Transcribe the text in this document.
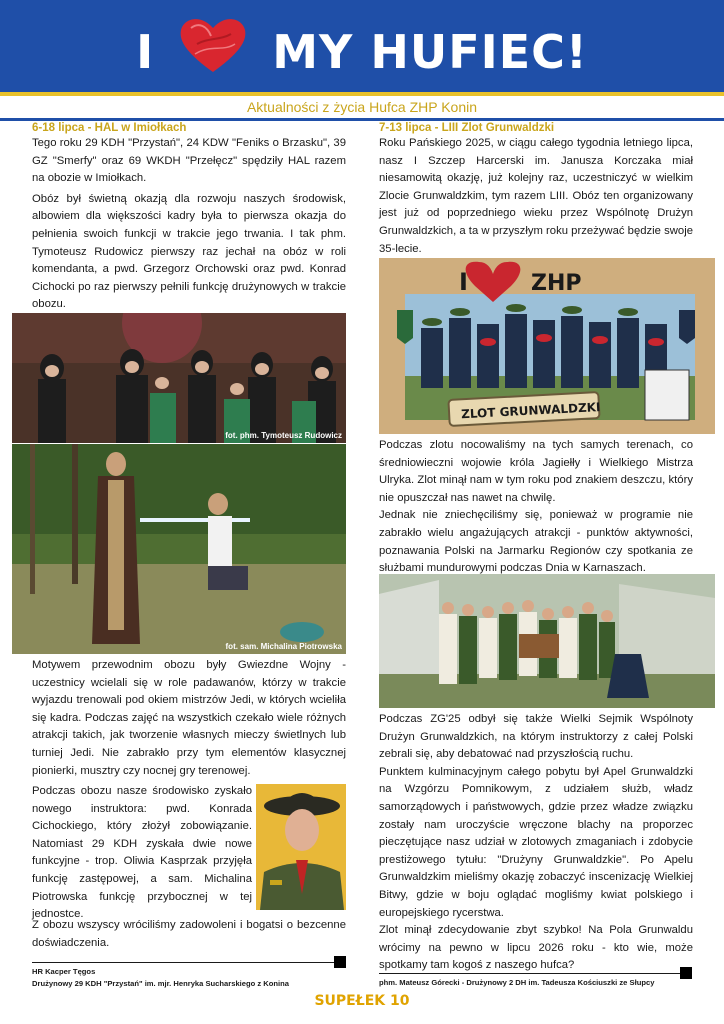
I	MY HUFIEC!
Aktualności z życia Hufca ZHP Konin
6-18 lipca - HAL w Imiołkach

Tego roku 29 KDH "Przystań", 24 KDW "Feniks o Brzasku", 39 GZ "Smerfy" oraz 69 WKDH "Przełęcz" spędziły HAL razem na obozie w Imiołkach.

Obóz był świetną okazją dla rozwoju naszych środowisk, albowiem dla większości kadry była to pierwsza okazja do pełnienia swoich funkcji w trakcie jego trwania. I tak phm. Tymoteusz Rudowicz pierwszy raz jechał na obóz w roli komendanta, a pwd. Grzegorz Orchowski oraz pwd. Konrad Cichocki po raz pierwszy pełnili funkcję drużynowych w trakcie obozu.

fot. phm. Tymoteusz Rudowicz
fot. sam. Michalina Piotrowska

Motywem przewodnim obozu były Gwiezdne Wojny - uczestnicy wcielali się w role padawanów, którzy w trakcie wyjazdu trenowali pod okiem mistrzów Jedi, w których wcieliła się kadra. Podczas zajęć na wszystkich czekało wiele różnych atrakcji takich, jak tworzenie własnych mieczy świetlnych lub turniej Jedi. Nie zabrakło przy tym elementów klasycznej pionierki, musztry czy nocnej gry terenowej.

Podczas obozu nasze środowisko zyskało nowego instruktora: pwd. Konrada Cichockiego, który złożył zobowiązanie. Natomiast 29 KDH zyskała dwie nowe funkcyjne - trop. Oliwia Kasprzak przyjęła funkcję zastępowej, a sam. Michalina Piotrowska funkcję przybocznej w tej jednostce.

Z obozu wszyscy wróciliśmy zadowoleni i bogatsi o bezcenne doświadczenia.

HR Kacper Tęgos
Drużynowy 29 KDH "Przystań" im. mjr. Henryka Sucharskiego z Konina
7-13 lipca - LIII Zlot Grunwaldzki

Roku Pańskiego 2025, w ciągu całego tygodnia letniego lipca, nasz I Szczep Harcerski im. Janusza Korczaka miał niesamowitą okazję, już kolejny raz, uczestniczyć w wielkim Zlocie Grunwaldzkim, tym razem LIII. Obóz ten organizowany jest już od poprzedniego wieku przez Wspólnotę Drużyn Grunwaldzkich, a ta w przyszłym roku przeżywać będzie swoje 35-lecie.

I	ZHP
ZLOT GRUNWALDZKI

Podczas zlotu nocowaliśmy na tych samych terenach, co średniowieczni wojowie króla Jagiełły i Wielkiego Mistrza Ulryka. Zlot minął nam w tym roku pod znakiem deszczu, który nie opuszczał nas nawet na chwilę.

Jednak nie zniechęciliśmy się, ponieważ w programie nie zabrakło wielu angażujących atrakcji - punktów aktywności, poznawania Polski na Jarmarku Regionów czy spotkania ze służbami mundurowymi podczas Dnia w Karnaszach.

Podczas ZG'25 odbył się także Wielki Sejmik Wspólnoty Drużyn Grunwaldzkich, na którym instruktorzy z całej Polski zebrali się, aby debatować nad przyszłością ruchu.

Punktem kulminacyjnym całego pobytu był Apel Grunwaldzki na Wzgórzu Pomnikowym, z udziałem służb, władz samorządowych i państwowych, gdzie przez władze związku zostały nam uroczyście wręczone blachy na proporzec pieczętujące nasz udział w zlotowych zmaganiach i zdobycie prestiżowego tytułu: "Drużyny Grunwaldzkie". Po Apelu Grunwaldzkim mieliśmy okazję zobaczyć inscenizację Wielkiej Bitwy, gdzie w boju oglądać mogliśmy kwiat polskiego i europejskiego rycerstwa.

Zlot minął zdecydowanie zbyt szybko! Na Pola Grunwaldu wrócimy na pewno w lipcu 2026 roku - kto wie, może spotkamy tam kogoś z naszego hufca?

phm. Mateusz Górecki - Drużynowy 2 DH im. Tadeusza Kościuszki ze Słupcy
SUPEŁEK 10
